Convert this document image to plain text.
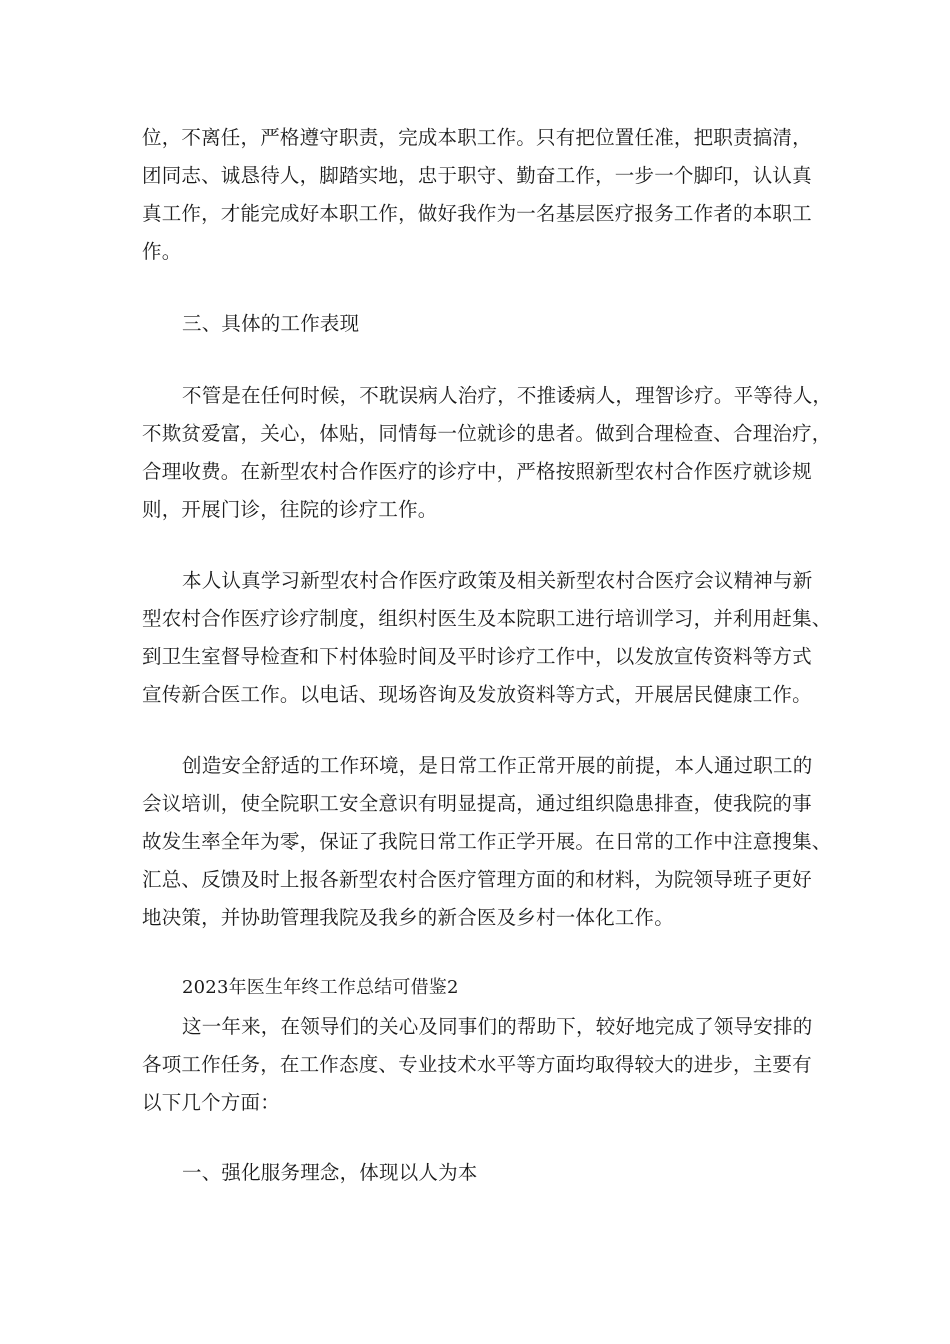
位，不离任，严格遵守职责，完成本职工作。只有把位置任准，把职责搞清，
团同志、诚恳待人，脚踏实地，忠于职守、勤奋工作，一步一个脚印，认认真
真工作，才能完成好本职工作，做好我作为一名基层医疗报务工作者的本职工
作。
三、具体的工作表现
不管是在任何时候，不耽误病人治疗，不推诿病人，理智诊疗。平等待人，
不欺贫爱富，关心，体贴，同情每一位就诊的患者。做到合理检查、合理治疗，
合理收费。在新型农村合作医疗的诊疗中，严格按照新型农村合作医疗就诊规
则，开展门诊，往院的诊疗工作。
本人认真学习新型农村合作医疗政策及相关新型农村合医疗会议精神与新
型农村合作医疗诊疗制度，组织村医生及本院职工进行培训学习，并利用赶集、
到卫生室督导检查和下村体验时间及平时诊疗工作中，以发放宣传资料等方式
宣传新合医工作。以电话、现场咨询及发放资料等方式，开展居民健康工作。
创造安全舒适的工作环境，是日常工作正常开展的前提，本人通过职工的
会议培训，使全院职工安全意识有明显提高，通过组织隐患排查，使我院的事
故发生率全年为零，保证了我院日常工作正学开展。在日常的工作中注意搜集、
汇总、反馈及时上报各新型农村合医疗管理方面的和材料，为院领导班子更好
地决策，并协助管理我院及我乡的新合医及乡村一体化工作。
2023年医生年终工作总结可借鉴2
这一年来，在领导们的关心及同事们的帮助下，较好地完成了领导安排的
各项工作任务，在工作态度、专业技术水平等方面均取得较大的进步，主要有
以下几个方面：
一、强化服务理念，体现以人为本
